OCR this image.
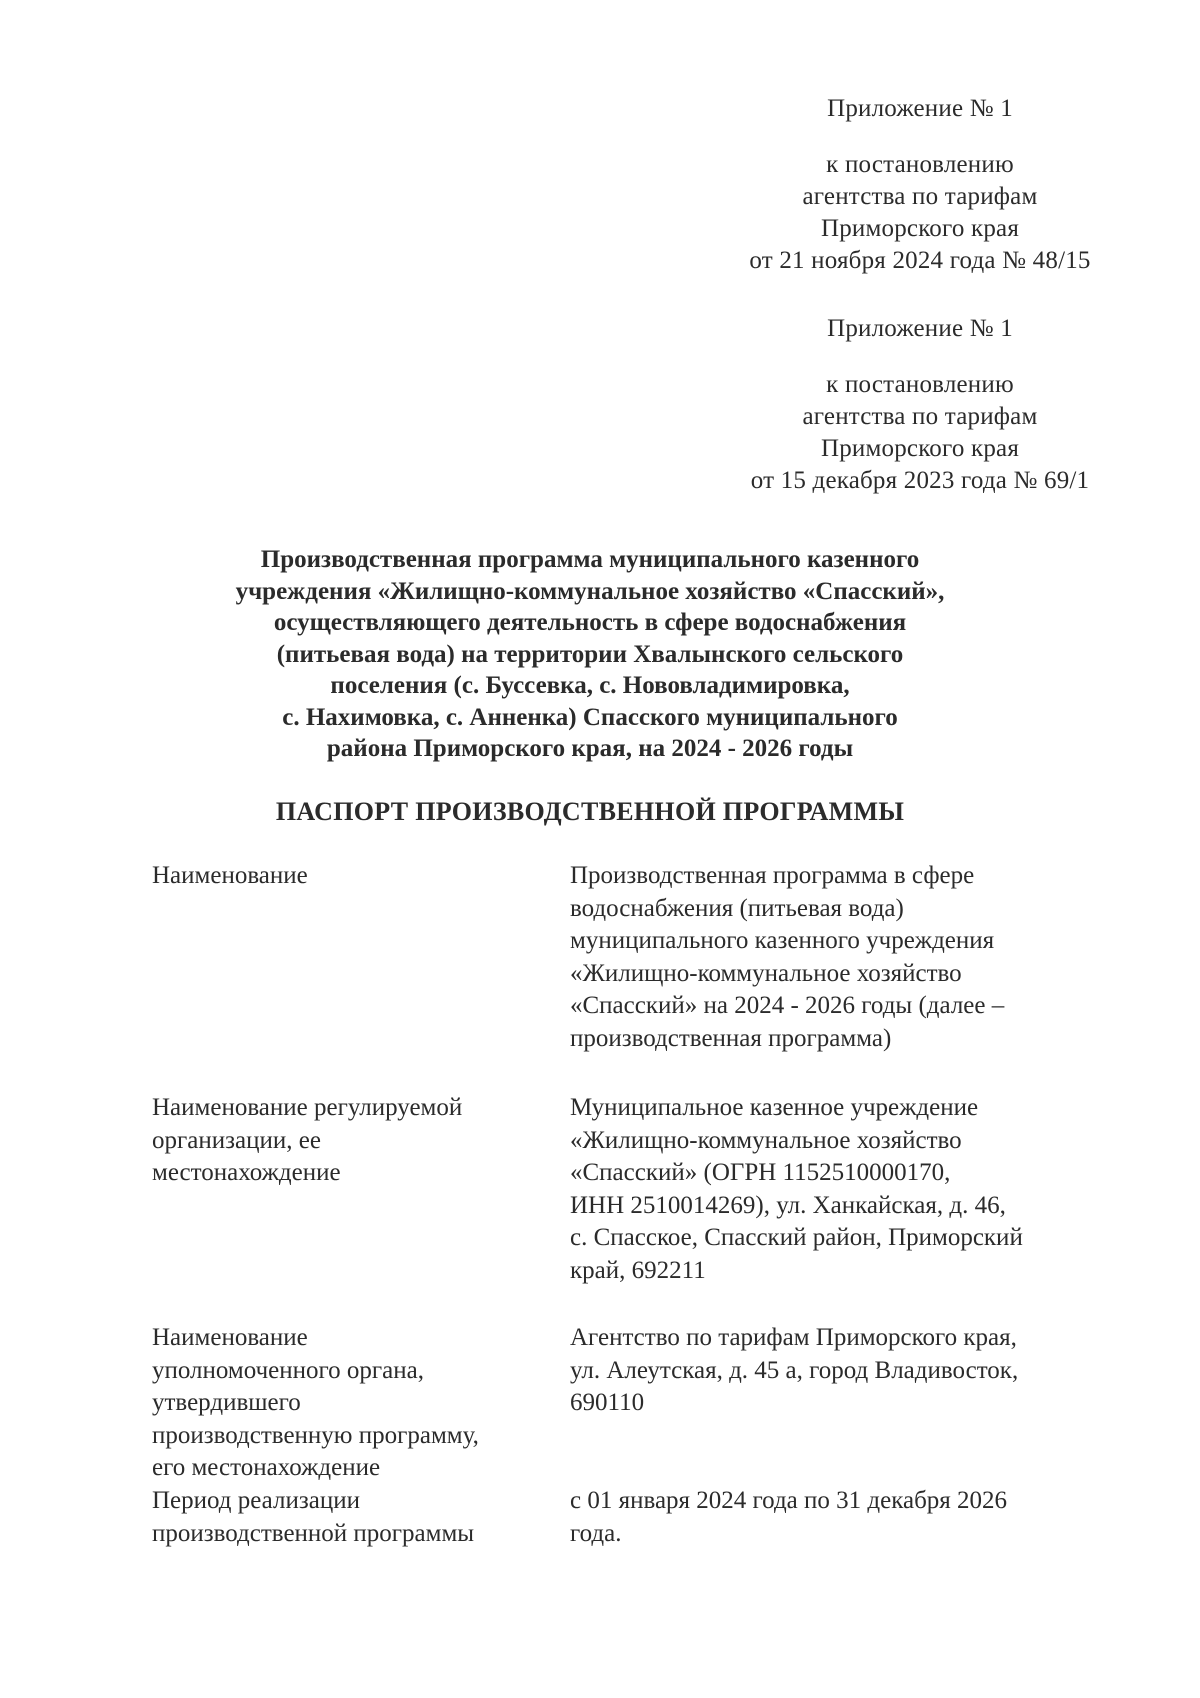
Приложение № 1
к постановлению
агентства по тарифам
Приморского края
от 21 ноября 2024 года № 48/15
Приложение № 1
к постановлению
агентства по тарифам
Приморского края
от 15 декабря 2023 года № 69/1
Производственная программа муниципального казенного
учреждения «Жилищно-коммунальное хозяйство «Спасский»,
осуществляющего деятельность в сфере водоснабжения
(питьевая вода) на территории Хвалынского сельского
поселения (с. Буссевка, с. Нововладимировка,
с. Нахимовка, с. Анненка) Спасского муниципального
района Приморского края, на 2024 - 2026 годы
ПАСПОРТ ПРОИЗВОДСТВЕННОЙ ПРОГРАММЫ
Наименование	Производственная программа в сфере
водоснабжения (питьевая вода)
муниципального казенного учреждения
«Жилищно-коммунальное хозяйство
«Спасский» на 2024 - 2026 годы (далее –
производственная программа)
Наименование регулируемой
организации, ее
местонахождение
Муниципальное казенное учреждение
«Жилищно-коммунальное хозяйство
«Спасский» (ОГРН 1152510000170,
ИНН 2510014269), ул. Ханкайская, д. 46,
с. Спасское, Спасский район, Приморский
край, 692211
Наименование
уполномоченного органа,
утвердившего
производственную программу,
его местонахождение
Агентство по тарифам Приморского края,
ул. Алеутская, д. 45 а, город Владивосток,
690110
Период реализации
производственной программы
с 01 января 2024 года по 31 декабря 2026
года.
